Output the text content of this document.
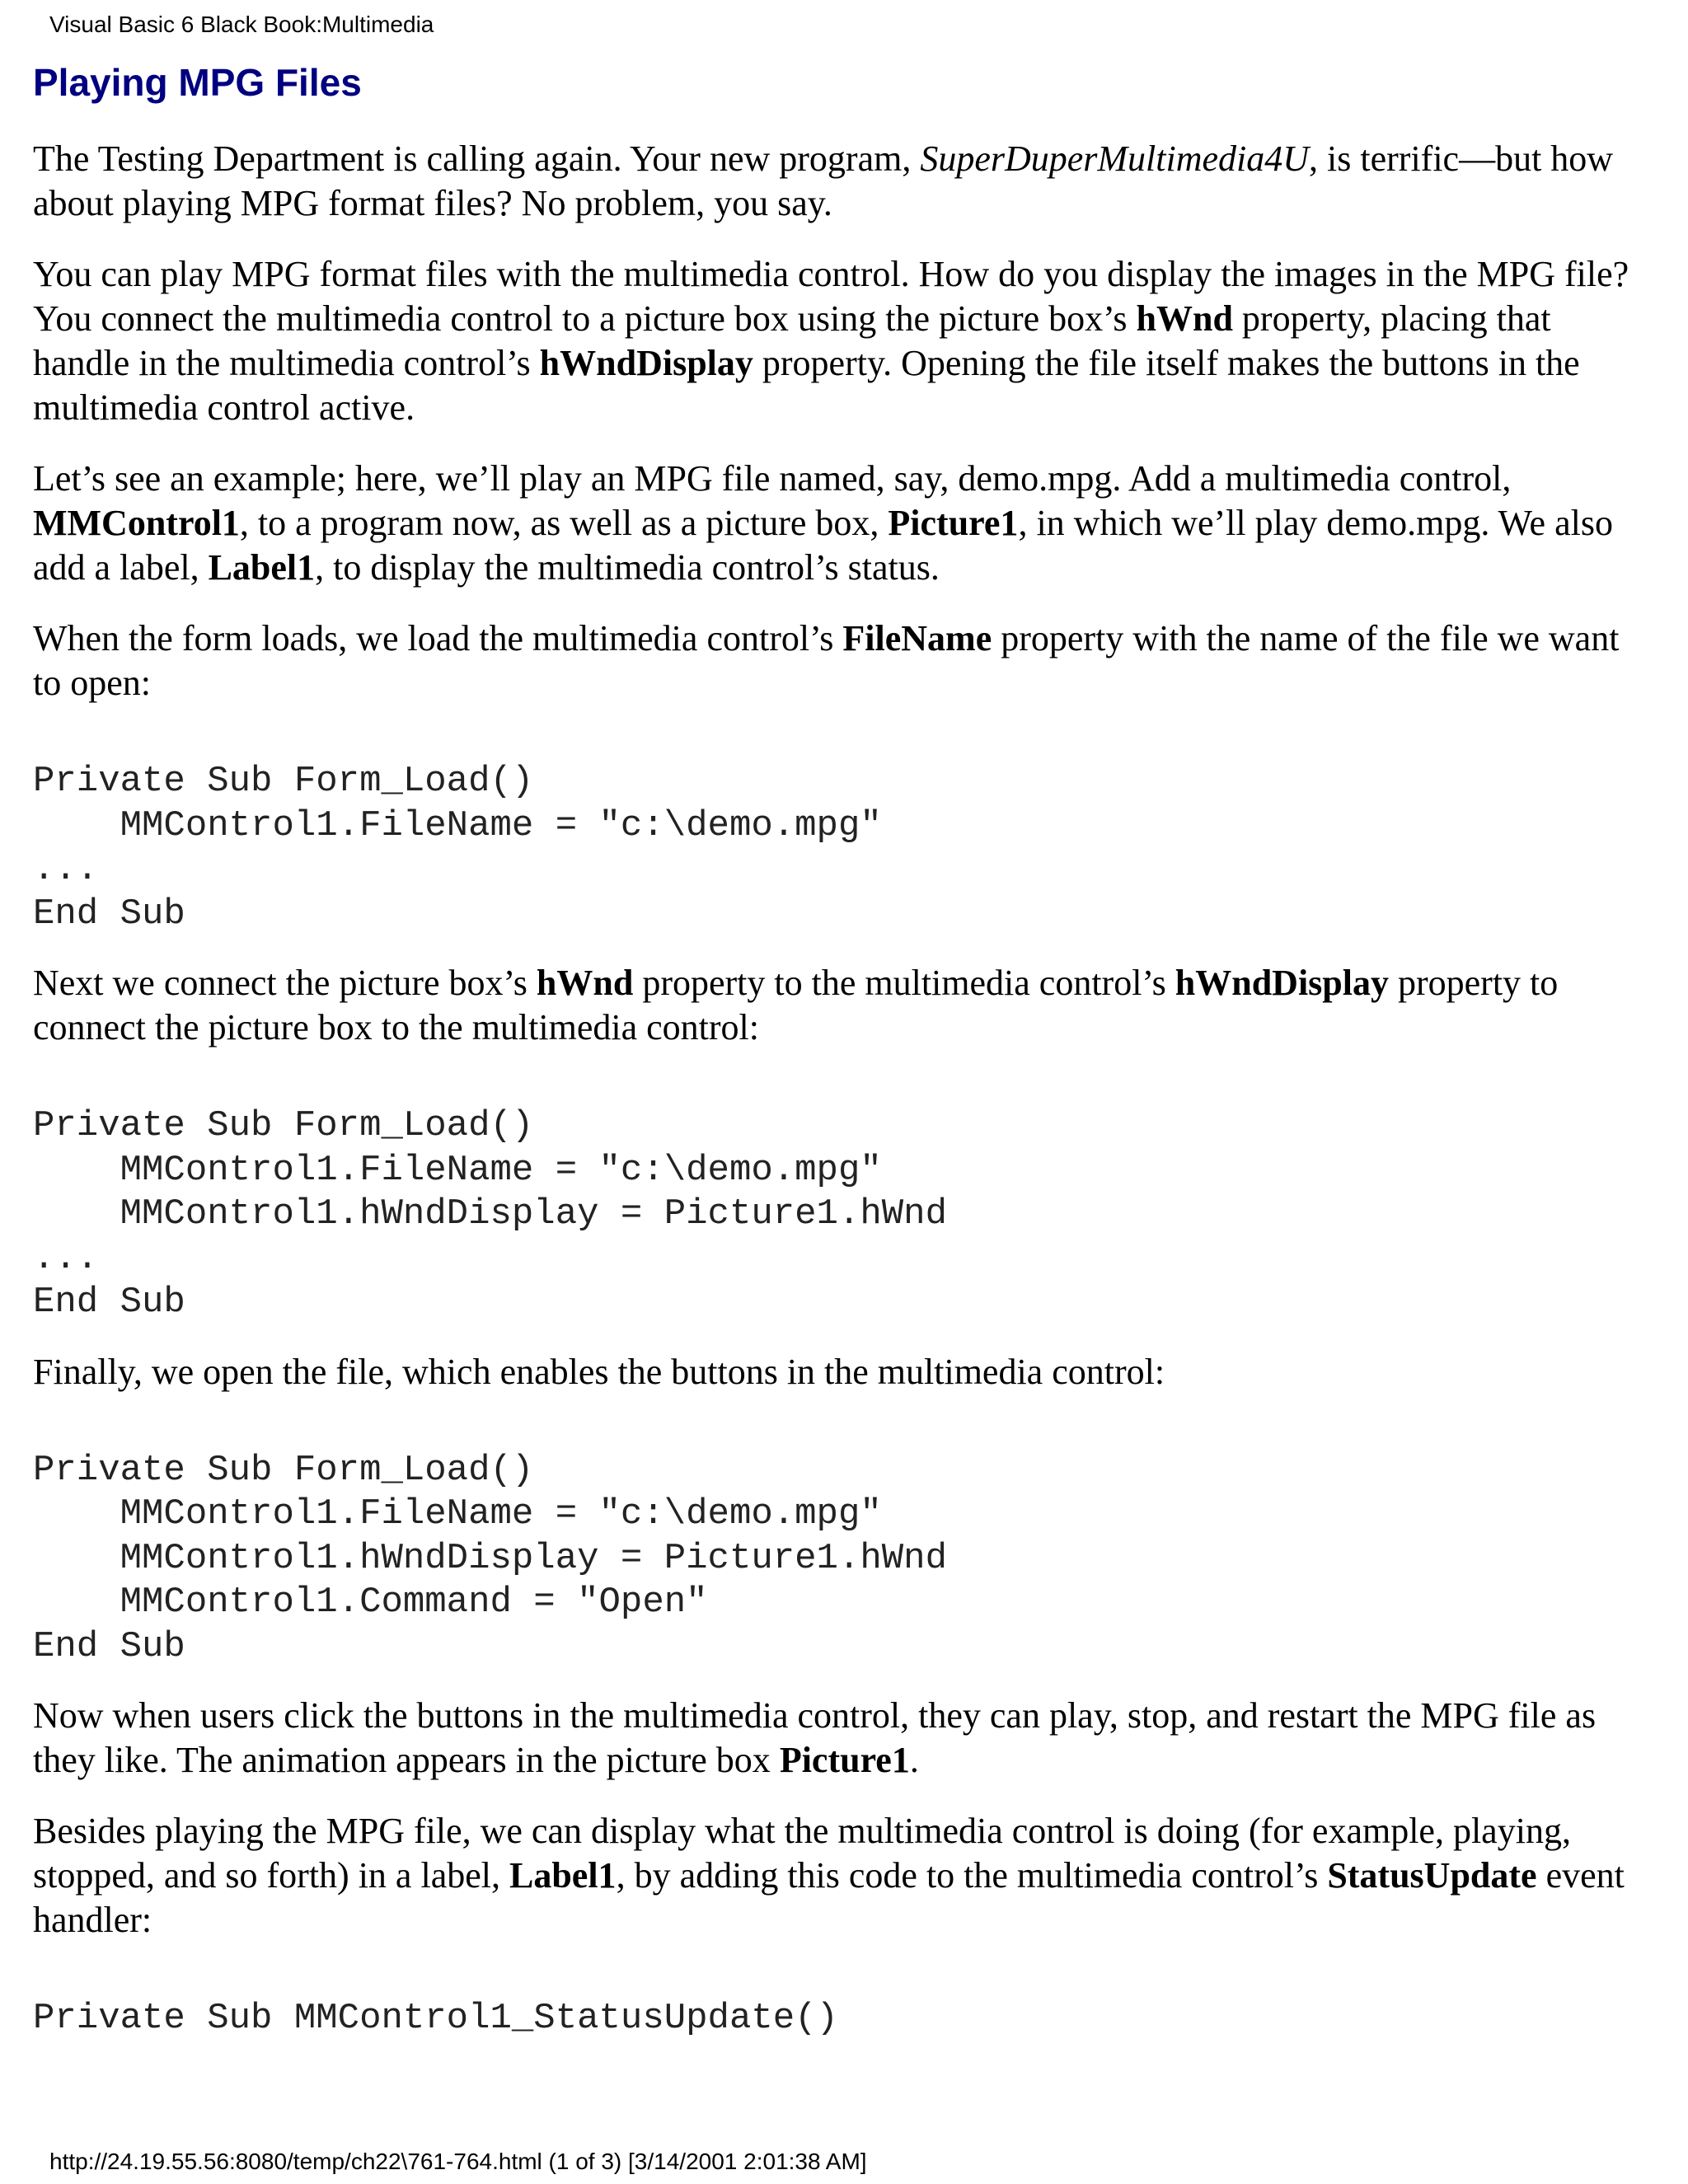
Visual Basic 6 Black Book:Multimedia
Playing MPG Files

The Testing Department is calling again. Your new program, SuperDuperMultimedia4U, is terrific—but how about playing MPG format files? No problem, you say.

You can play MPG format files with the multimedia control. How do you display the images in the MPG file? You connect the multimedia control to a picture box using the picture box’s hWnd property, placing that handle in the multimedia control’s hWndDisplay property. Opening the file itself makes the buttons in the multimedia control active.

Let’s see an example; here, we’ll play an MPG file named, say, demo.mpg. Add a multimedia control, MMControl1, to a program now, as well as a picture box, Picture1, in which we’ll play demo.mpg. We also add a label, Label1, to display the multimedia control’s status.

When the form loads, we load the multimedia control’s FileName property with the name of the file we want to open:

Private Sub Form_Load()
MMControl1.FileName = "c:\demo.mpg"
...
End Sub

Next we connect the picture box’s hWnd property to the multimedia control’s hWndDisplay property to connect the picture box to the multimedia control:

Private Sub Form_Load()
MMControl1.FileName = "c:\demo.mpg"
MMControl1.hWndDisplay = Picture1.hWnd
...
End Sub

Finally, we open the file, which enables the buttons in the multimedia control:

Private Sub Form_Load()
MMControl1.FileName = "c:\demo.mpg"
MMControl1.hWndDisplay = Picture1.hWnd
MMControl1.Command = "Open"
End Sub

Now when users click the buttons in the multimedia control, they can play, stop, and restart the MPG file as they like. The animation appears in the picture box Picture1.

Besides playing the MPG file, we can display what the multimedia control is doing (for example, playing, stopped, and so forth) in a label, Label1, by adding this code to the multimedia control’s StatusUpdate event handler:

Private Sub MMControl1_StatusUpdate()
http://24.19.55.56:8080/temp/ch22\761-764.html (1 of 3) [3/14/2001 2:01:38 AM]
